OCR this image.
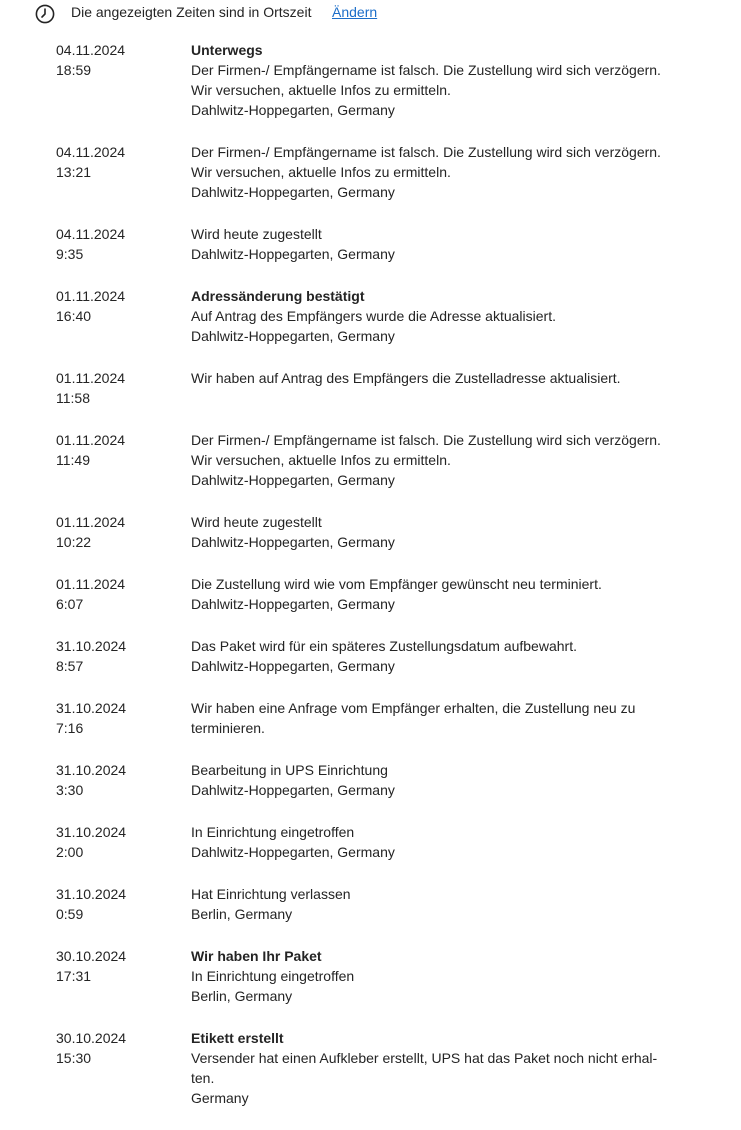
Die angezeigten Zeiten sind in Ortszeit Ändern
04.11.2024
18:59
Unterwegs
Der Firmen-/ Empfängername ist falsch. Die Zustellung wird sich verzögern. Wir versuchen, aktuelle Infos zu ermitteln.
Dahlwitz-Hoppegarten, Germany
04.11.2024
13:21
Der Firmen-/ Empfängername ist falsch. Die Zustellung wird sich verzögern. Wir versuchen, aktuelle Infos zu ermitteln.
Dahlwitz-Hoppegarten, Germany
04.11.2024
9:35
Wird heute zugestellt
Dahlwitz-Hoppegarten, Germany
01.11.2024
16:40
Adressänderung bestätigt
Auf Antrag des Empfängers wurde die Adresse aktualisiert.
Dahlwitz-Hoppegarten, Germany
01.11.2024
11:58
Wir haben auf Antrag des Empfängers die Zustelladresse aktualisiert.
01.11.2024
11:49
Der Firmen-/ Empfängername ist falsch. Die Zustellung wird sich verzögern. Wir versuchen, aktuelle Infos zu ermitteln.
Dahlwitz-Hoppegarten, Germany
01.11.2024
10:22
Wird heute zugestellt
Dahlwitz-Hoppegarten, Germany
01.11.2024
6:07
Die Zustellung wird wie vom Empfänger gewünscht neu terminiert.
Dahlwitz-Hoppegarten, Germany
31.10.2024
8:57
Das Paket wird für ein späteres Zustellungsdatum aufbewahrt.
Dahlwitz-Hoppegarten, Germany
31.10.2024
7:16
Wir haben eine Anfrage vom Empfänger erhalten, die Zustellung neu zu terminieren.
31.10.2024
3:30
Bearbeitung in UPS Einrichtung
Dahlwitz-Hoppegarten, Germany
31.10.2024
2:00
In Einrichtung eingetroffen
Dahlwitz-Hoppegarten, Germany
31.10.2024
0:59
Hat Einrichtung verlassen
Berlin, Germany
30.10.2024
17:31
Wir haben Ihr Paket
In Einrichtung eingetroffen
Berlin, Germany
30.10.2024
15:30
Etikett erstellt
Versender hat einen Aufkleber erstellt, UPS hat das Paket noch nicht erhal-ten.
Germany
